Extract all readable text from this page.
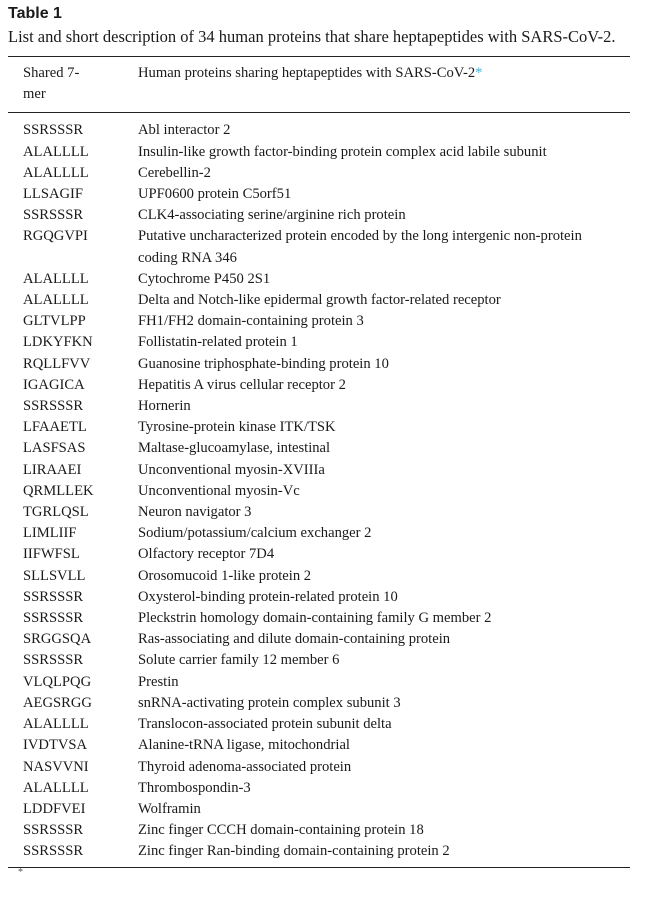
Table 1

List and short description of 34 human proteins that share heptapeptides with SARS-CoV-2.

Shared 7-mer	Human proteins sharing heptapeptides with SARS-CoV-2*
SSRSSSR	Abl interactor 2
ALALLLL	Insulin-like growth factor-binding protein complex acid labile subunit
ALALLLL	Cerebellin-2
LLSAGIF	UPF0600 protein C5orf51
SSRSSSR	CLK4-associating serine/arginine rich protein
RGQGVPI	Putative uncharacterized protein encoded by the long intergenic non-protein coding RNA 346
ALALLLL	Cytochrome P450 2S1
ALALLLL	Delta and Notch-like epidermal growth factor-related receptor
GLTVLPP	FH1/FH2 domain-containing protein 3
LDKYFKN	Follistatin-related protein 1
RQLLFVV	Guanosine triphosphate-binding protein 10
IGAGICA	Hepatitis A virus cellular receptor 2
SSRSSSR	Hornerin
LFAAETL	Tyrosine-protein kinase ITK/TSK
LASFSAS	Maltase-glucoamylase, intestinal
LIRAAEI	Unconventional myosin-XVIIIa
QRMLLEK	Unconventional myosin-Vc
TGRLQSL	Neuron navigator 3
LIMLIIF	Sodium/potassium/calcium exchanger 2
IIFWFSL	Olfactory receptor 7D4
SLLSVLL	Orosomucoid 1-like protein 2
SSRSSSR	Oxysterol-binding protein-related protein 10
SSRSSSR	Pleckstrin homology domain-containing family G member 2
SRGGSQA	Ras-associating and dilute domain-containing protein
SSRSSSR	Solute carrier family 12 member 6
VLQLPQG	Prestin
AEGSRGG	snRNA-activating protein complex subunit 3
ALALLLL	Translocon-associated protein subunit delta
IVDTVSA	Alanine-tRNA ligase, mitochondrial
NASVVNI	Thyroid adenoma-associated protein
ALALLLL	Thrombospondin-3
LDDFVEI	Wolframin
SSRSSSR	Zinc finger CCCH domain-containing protein 18
SSRSSSR	Zinc finger Ran-binding domain-containing protein 2
*
